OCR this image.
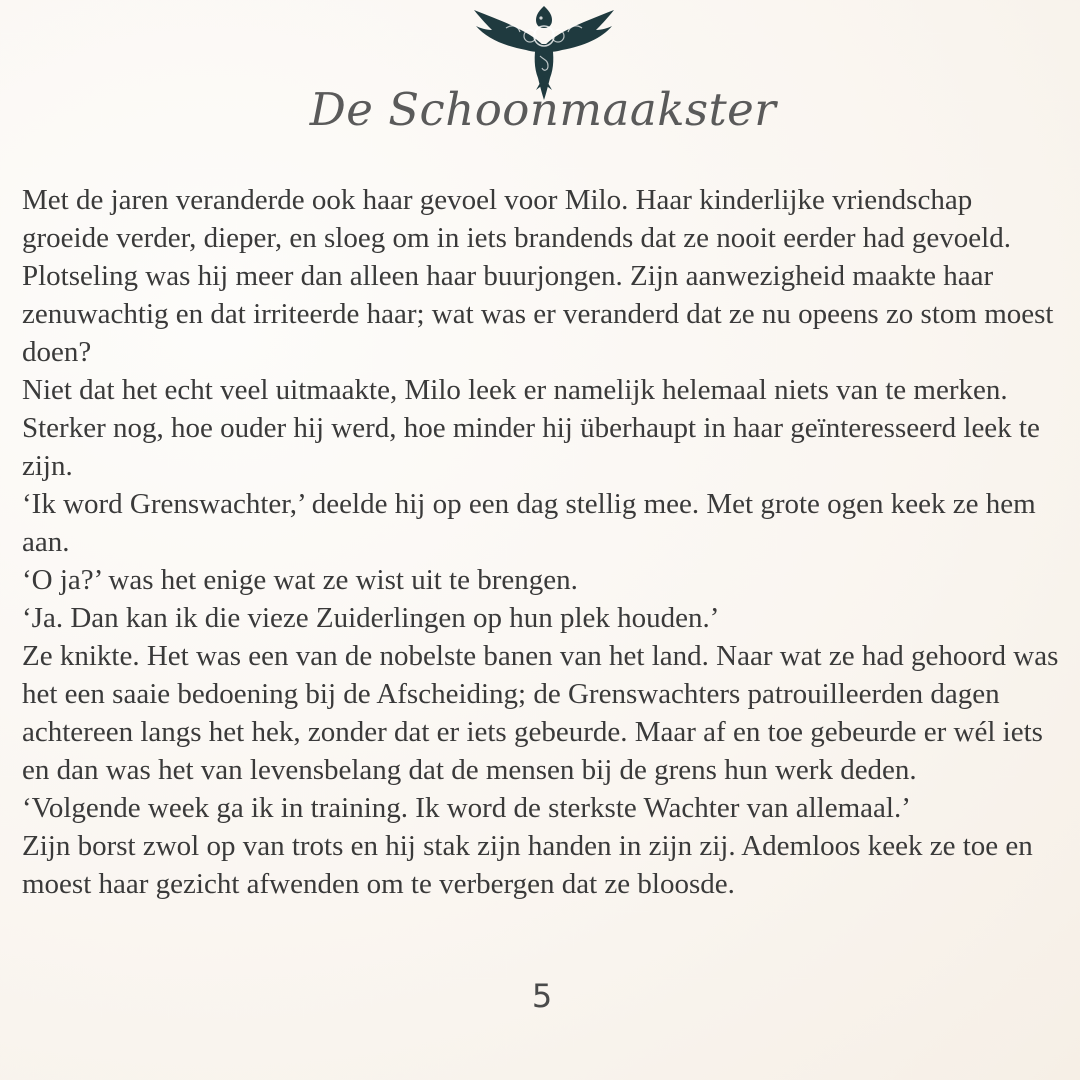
De Schoonmaakster

Met de jaren veranderde ook haar gevoel voor Milo. Haar kinderlijke vriendschap groeide verder, dieper, en sloeg om in iets brandends dat ze nooit eerder had gevoeld. Plotseling was hij meer dan alleen haar buurjongen. Zijn aanwezigheid maakte haar zenuwachtig en dat irriteerde haar; wat was er veranderd dat ze nu opeens zo stom moest doen?

Niet dat het echt veel uitmaakte, Milo leek er namelijk helemaal niets van te merken. Sterker nog, hoe ouder hij werd, hoe minder hij überhaupt in haar geïnteresseerd leek te zijn.

‘Ik word Grenswachter,’ deelde hij op een dag stellig mee. Met grote ogen keek ze hem aan.

‘O ja?’ was het enige wat ze wist uit te brengen.

‘Ja. Dan kan ik die vieze Zuiderlingen op hun plek houden.’

Ze knikte. Het was een van de nobelste banen van het land. Naar wat ze had gehoord was het een saaie bedoening bij de Afscheiding; de Grenswachters patrouilleerden dagen achtereen langs het hek, zonder dat er iets gebeurde. Maar af en toe gebeurde er wél iets en dan was het van levensbelang dat de mensen bij de grens hun werk deden.

‘Volgende week ga ik in training. Ik word de sterkste Wachter van allemaal.’

Zijn borst zwol op van trots en hij stak zijn handen in zijn zij. Ademloos keek ze toe en moest haar gezicht afwenden om te verbergen dat ze bloosde.

5
